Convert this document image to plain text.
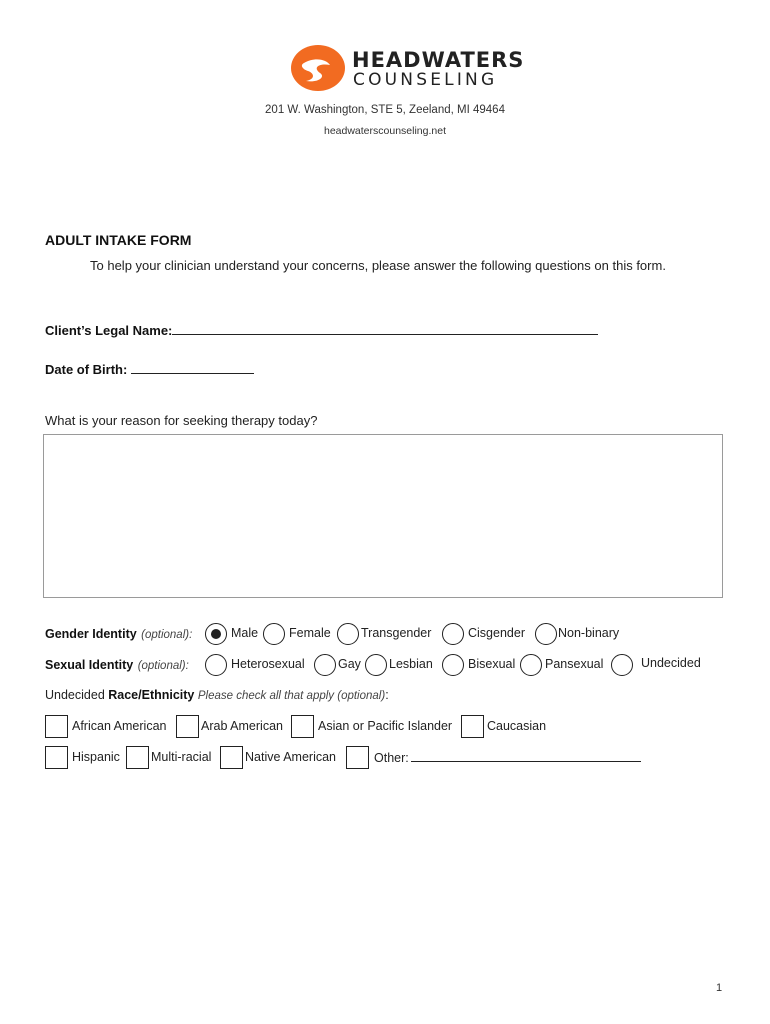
HEADWATERS
COUNSELING
201 W. Washington, STE 5, Zeeland, MI 49464
headwaterscounseling.net
ADULT INTAKE FORM
To help your clinician understand your concerns, please answer the following questions on this form.
Client’s Legal Name:
Date of Birth:
What is your reason for seeking therapy today?
Gender Identity (optional):	Male Female Transgender	Cisgender	Non-binary
Sexual Identity (optional):	Heterosexual	Gay Lesbian	Bisexual Pansexual	Undecided
Undecided Race/Ethnicity Please check all that apply (optional):
African American	Arab American	Asian or Pacific Islander	Caucasian
Hispanic Multi-racial	Native American	Other:
1
